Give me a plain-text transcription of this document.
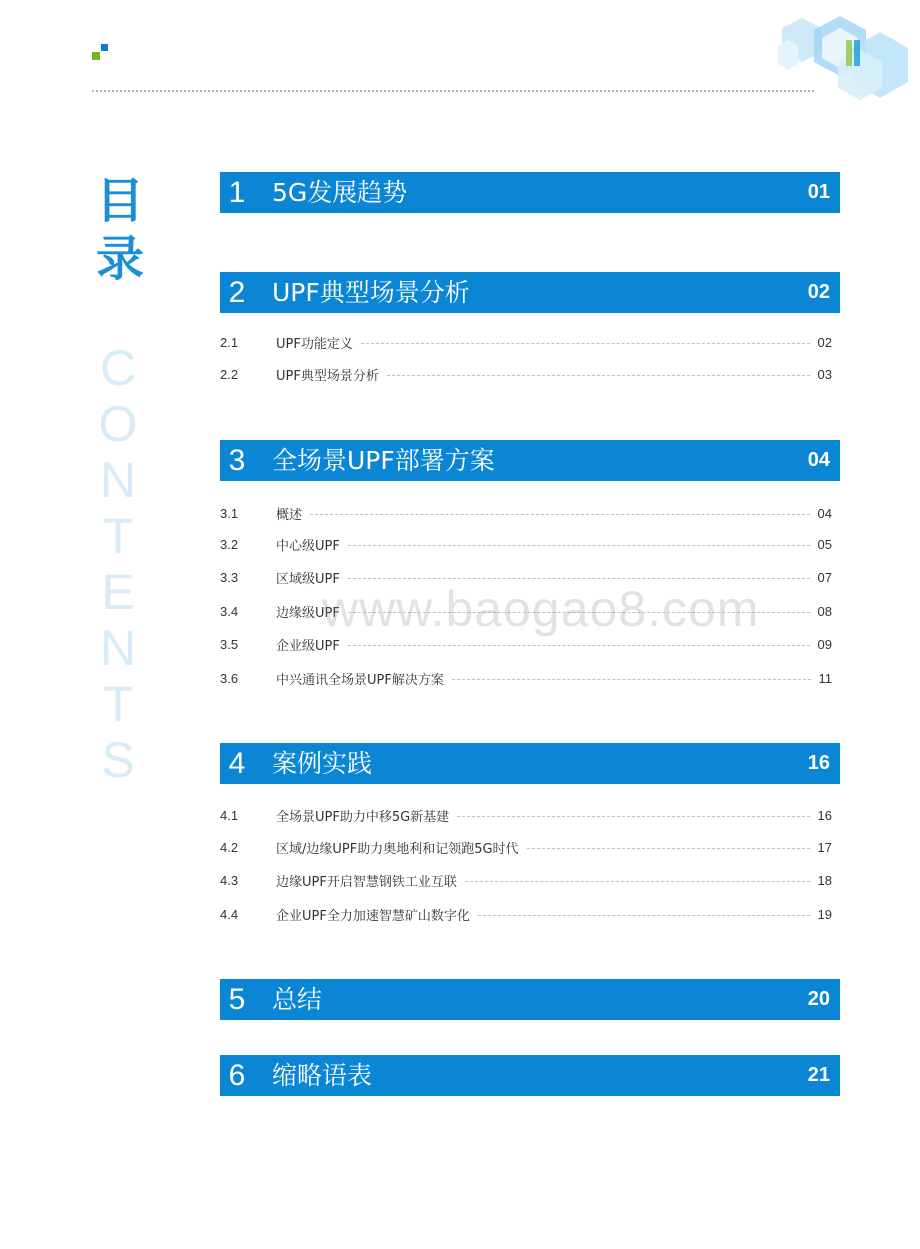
目
录
C
O
N
T
E
N
T
S
1	5G发展趋势	01
2	UPF典型场景分析	02
2.1	UPF功能定义	02
2.2	UPF典型场景分析	03
3	全场景UPF部署方案	04
3.1	概述	04
3.2	中心级UPF	05
3.3	区域级UPF	07
3.4	边缘级UPF	08
3.5	企业级UPF	09
3.6	中兴通讯全场景UPF解决方案	11
4	案例实践	16
4.1	全场景UPF助力中移5G新基建	16
4.2	区域/边缘UPF助力奥地利和记领跑5G时代	17
4.3	边缘UPF开启智慧钢铁工业互联	18
4.4	企业UPF全力加速智慧矿山数字化	19
5	总结	20
6	缩略语表	21
www.baogao8.com
